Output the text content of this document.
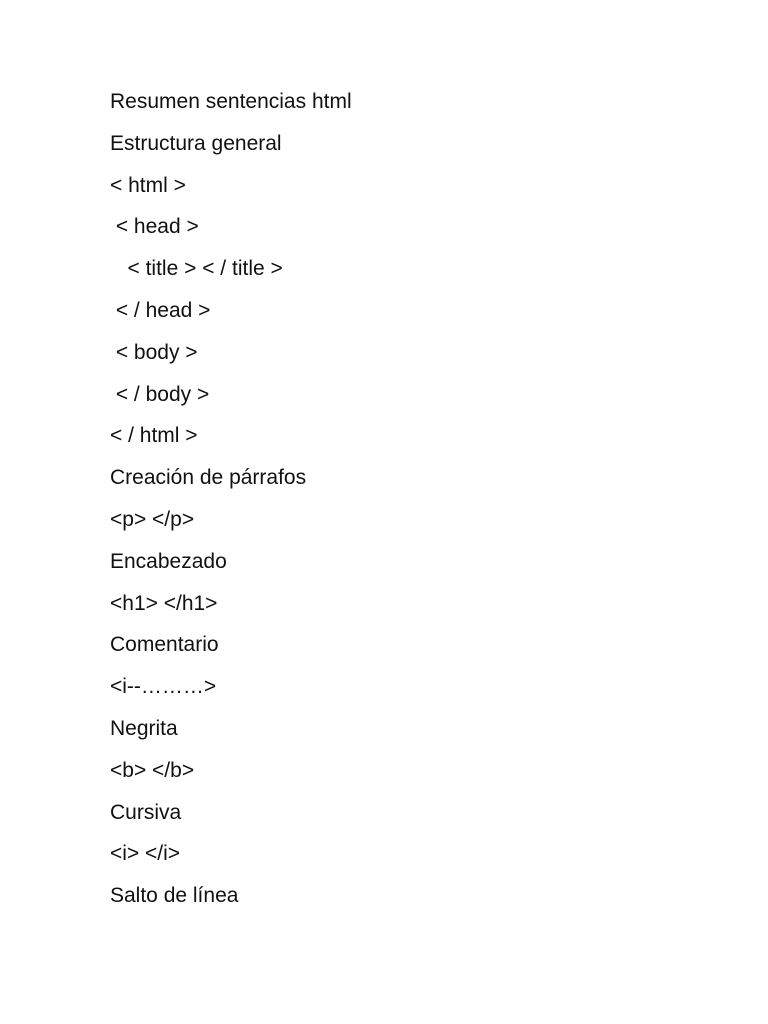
Resumen sentencias html
Estructura general
< html >
< head >
< title > < / title >
< / head >
< body >
< / body >
< / html >
Creación de párrafos
<p> </p>
Encabezado
<h1> </h1>
Comentario
<i--………>
Negrita
<b> </b>
Cursiva
<i> </i>
Salto de línea
